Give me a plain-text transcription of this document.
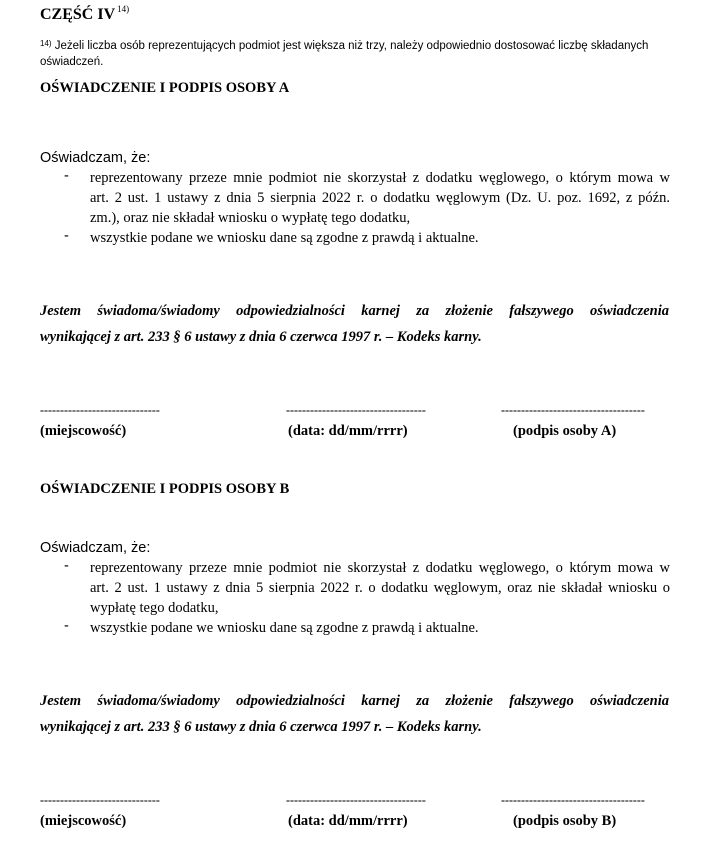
CZĘŚĆ IV $^{14)}$
$^{14)}$ Jeżeli liczba osób reprezentujących podmiot jest większa niż trzy, należy odpowiednio dostosować liczbę składanych
oświadczeń.
OŚWIADCZENIE I PODPIS OSOBY A
Oświadczam, że:
- reprezentowany przeze mnie podmiot nie skorzystał z dodatku węglowego, o którym mowa w
art. 2 ust. 1 ustawy z dnia 5 sierpnia 2022 r. o dodatku węglowym (Dz. U. poz. 1692, z późn.
zm.), oraz nie składał wniosku o wypłatę tego dodatku,
- wszystkie podane we wniosku dane są zgodne z prawdą i aktualne.
Jestem świadoma/świadomy odpowiedzialności karnej za złożenie fałszywego oświadczenia
wynikającej z art. 233 § 6 ustawy z dnia 6 czerwca 1997 r. – Kodeks karny.
------------------------------	-----------------------------------	------------------------------------
(miejscowość)	(data: dd/mm/rrrr)	(podpis osoby A)
OŚWIADCZENIE I PODPIS OSOBY B
Oświadczam, że:
- reprezentowany przeze mnie podmiot nie skorzystał z dodatku węglowego, o którym mowa w
art. 2 ust. 1 ustawy z dnia 5 sierpnia 2022 r. o dodatku węglowym, oraz nie składał wniosku o
wypłatę tego dodatku,
- wszystkie podane we wniosku dane są zgodne z prawdą i aktualne.
Jestem świadoma/świadomy odpowiedzialności karnej za złożenie fałszywego oświadczenia
wynikającej z art. 233 § 6 ustawy z dnia 6 czerwca 1997 r. – Kodeks karny.
------------------------------	-----------------------------------	------------------------------------
(miejscowość)	(data: dd/mm/rrrr)	(podpis osoby B)
